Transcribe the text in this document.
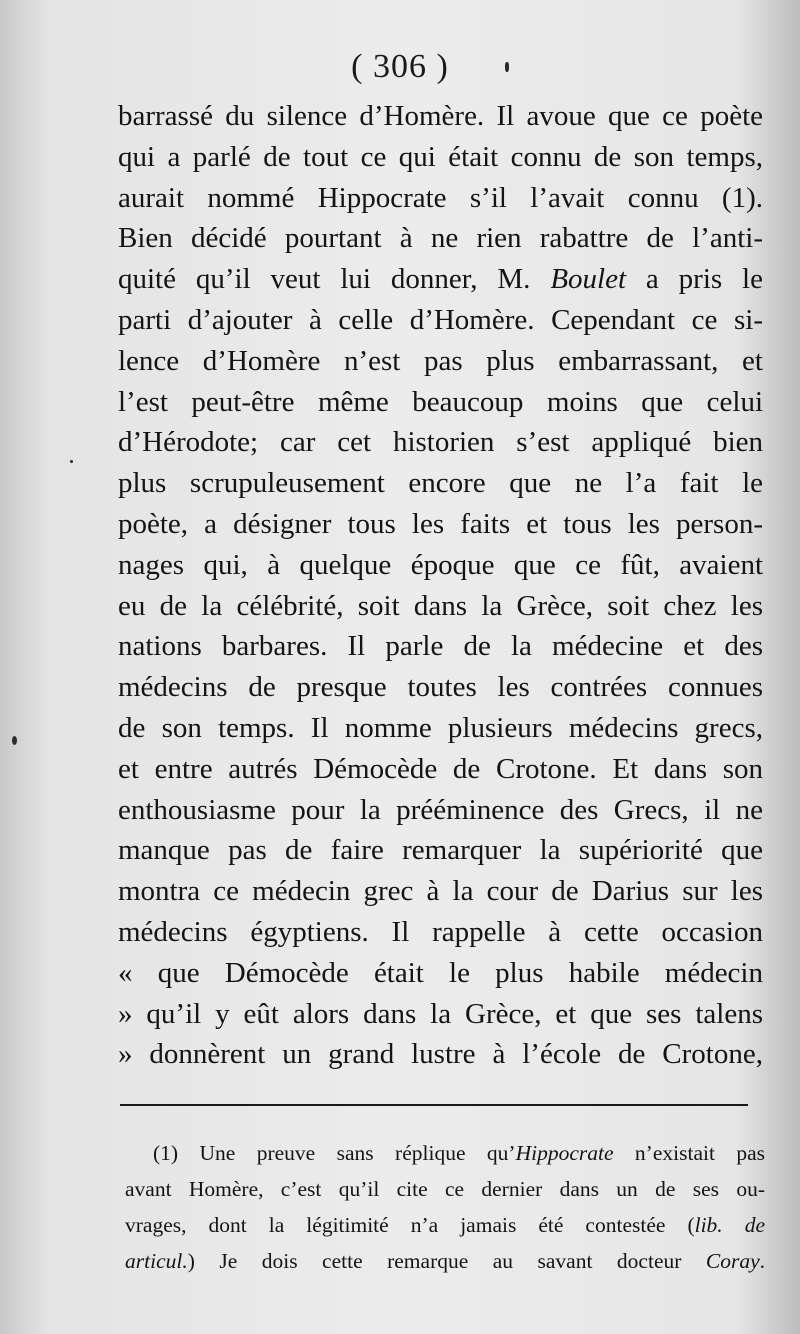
( 306 )
barrassé du silence d’Homère. Il avoue que ce poète
qui a parlé de tout ce qui était connu de son temps,
aurait nommé Hippocrate s’il l’avait connu (1).
Bien décidé pourtant à ne rien rabattre de l’anti-
quité qu’il veut lui donner, M. Boulet a pris le
parti d’ajouter à celle d’Homère. Cependant ce si-
lence d’Homère n’est pas plus embarrassant, et
l’est peut-être même beaucoup moins que celui
d’Hérodote; car cet historien s’est appliqué bien
plus scrupuleusement encore que ne l’a fait le
poète, a désigner tous les faits et tous les person-
nages qui, à quelque époque que ce fût, avaient
eu de la célébrité, soit dans la Grèce, soit chez les
nations barbares. Il parle de la médecine et des
médecins de presque toutes les contrées connues
de son temps. Il nomme plusieurs médecins grecs,
et entre autrés Démocède de Crotone. Et dans son
enthousiasme pour la prééminence des Grecs, il ne
manque pas de faire remarquer la supériorité que
montra ce médecin grec à la cour de Darius sur les
médecins égyptiens. Il rappelle à cette occasion
« que Démocède était le plus habile médecin
» qu’il y eût alors dans la Grèce, et que ses talens
» donnèrent un grand lustre à l’école de Crotone,
(1) Une preuve sans réplique qu’Hippocrate n’existait pas
avant Homère, c’est qu’il cite ce dernier dans un de ses ou-
vrages, dont la légitimité n’a jamais été contestée (lib. de
articul.) Je dois cette remarque au savant docteur Coray.
